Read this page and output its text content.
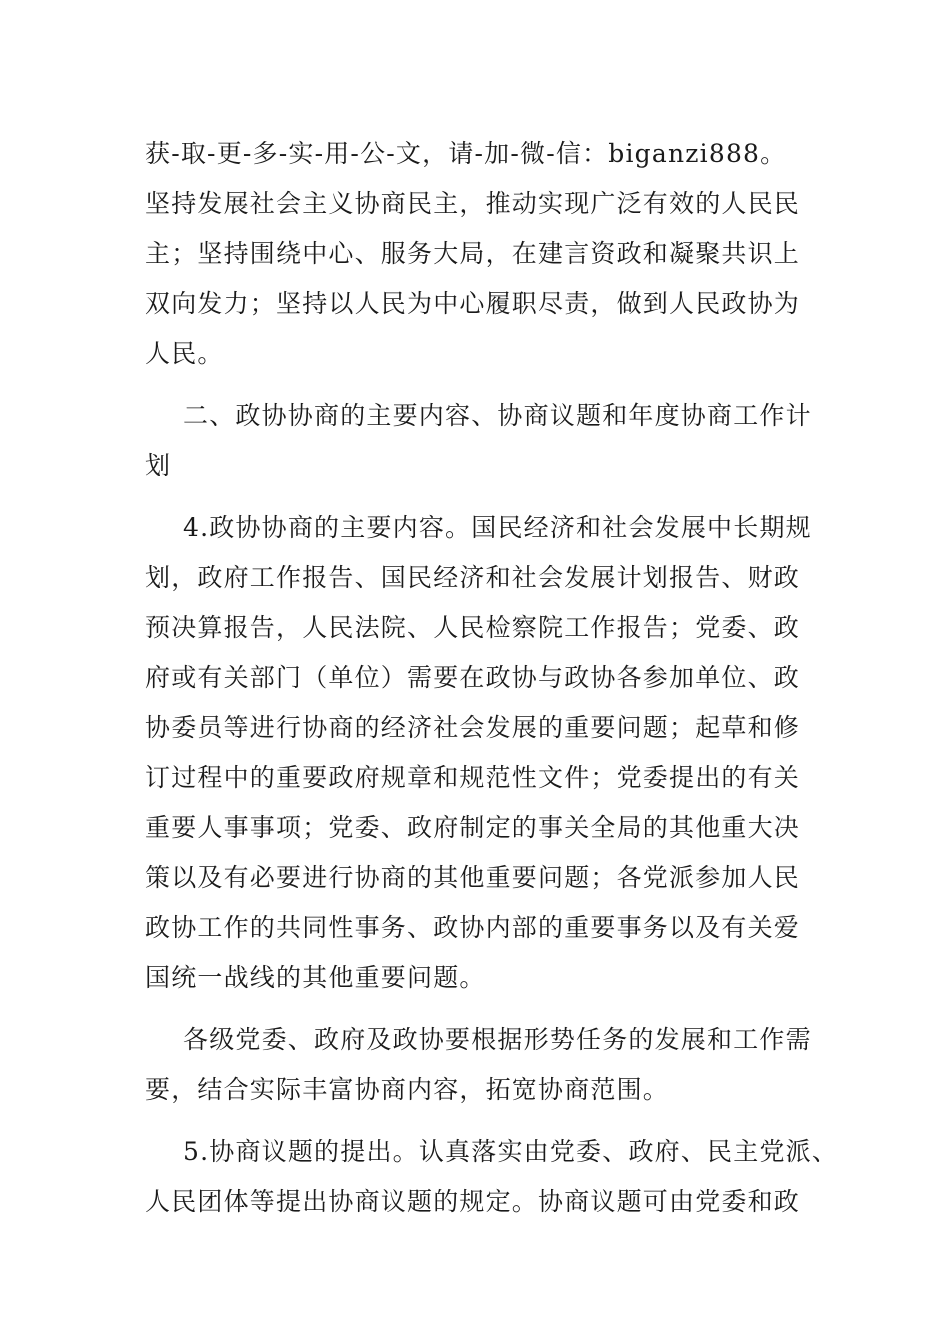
获-取-更-多-实-用-公-文，请-加-微-信：biganzi888。
坚持发展社会主义协商民主，推动实现广泛有效的人民民
主；坚持围绕中心、服务大局，在建言资政和凝聚共识上
双向发力；坚持以人民为中心履职尽责，做到人民政协为
人民。
二、政协协商的主要内容、协商议题和年度协商工作计
划
4.政协协商的主要内容。国民经济和社会发展中长期规
划，政府工作报告、国民经济和社会发展计划报告、财政
预决算报告，人民法院、人民检察院工作报告；党委、政
府或有关部门（单位）需要在政协与政协各参加单位、政
协委员等进行协商的经济社会发展的重要问题；起草和修
订过程中的重要政府规章和规范性文件；党委提出的有关
重要人事事项；党委、政府制定的事关全局的其他重大决
策以及有必要进行协商的其他重要问题；各党派参加人民
政协工作的共同性事务、政协内部的重要事务以及有关爱
国统一战线的其他重要问题。
各级党委、政府及政协要根据形势任务的发展和工作需
要，结合实际丰富协商内容，拓宽协商范围。
5.协商议题的提出。认真落实由党委、政府、民主党派、
人民团体等提出协商议题的规定。协商议题可由党委和政
